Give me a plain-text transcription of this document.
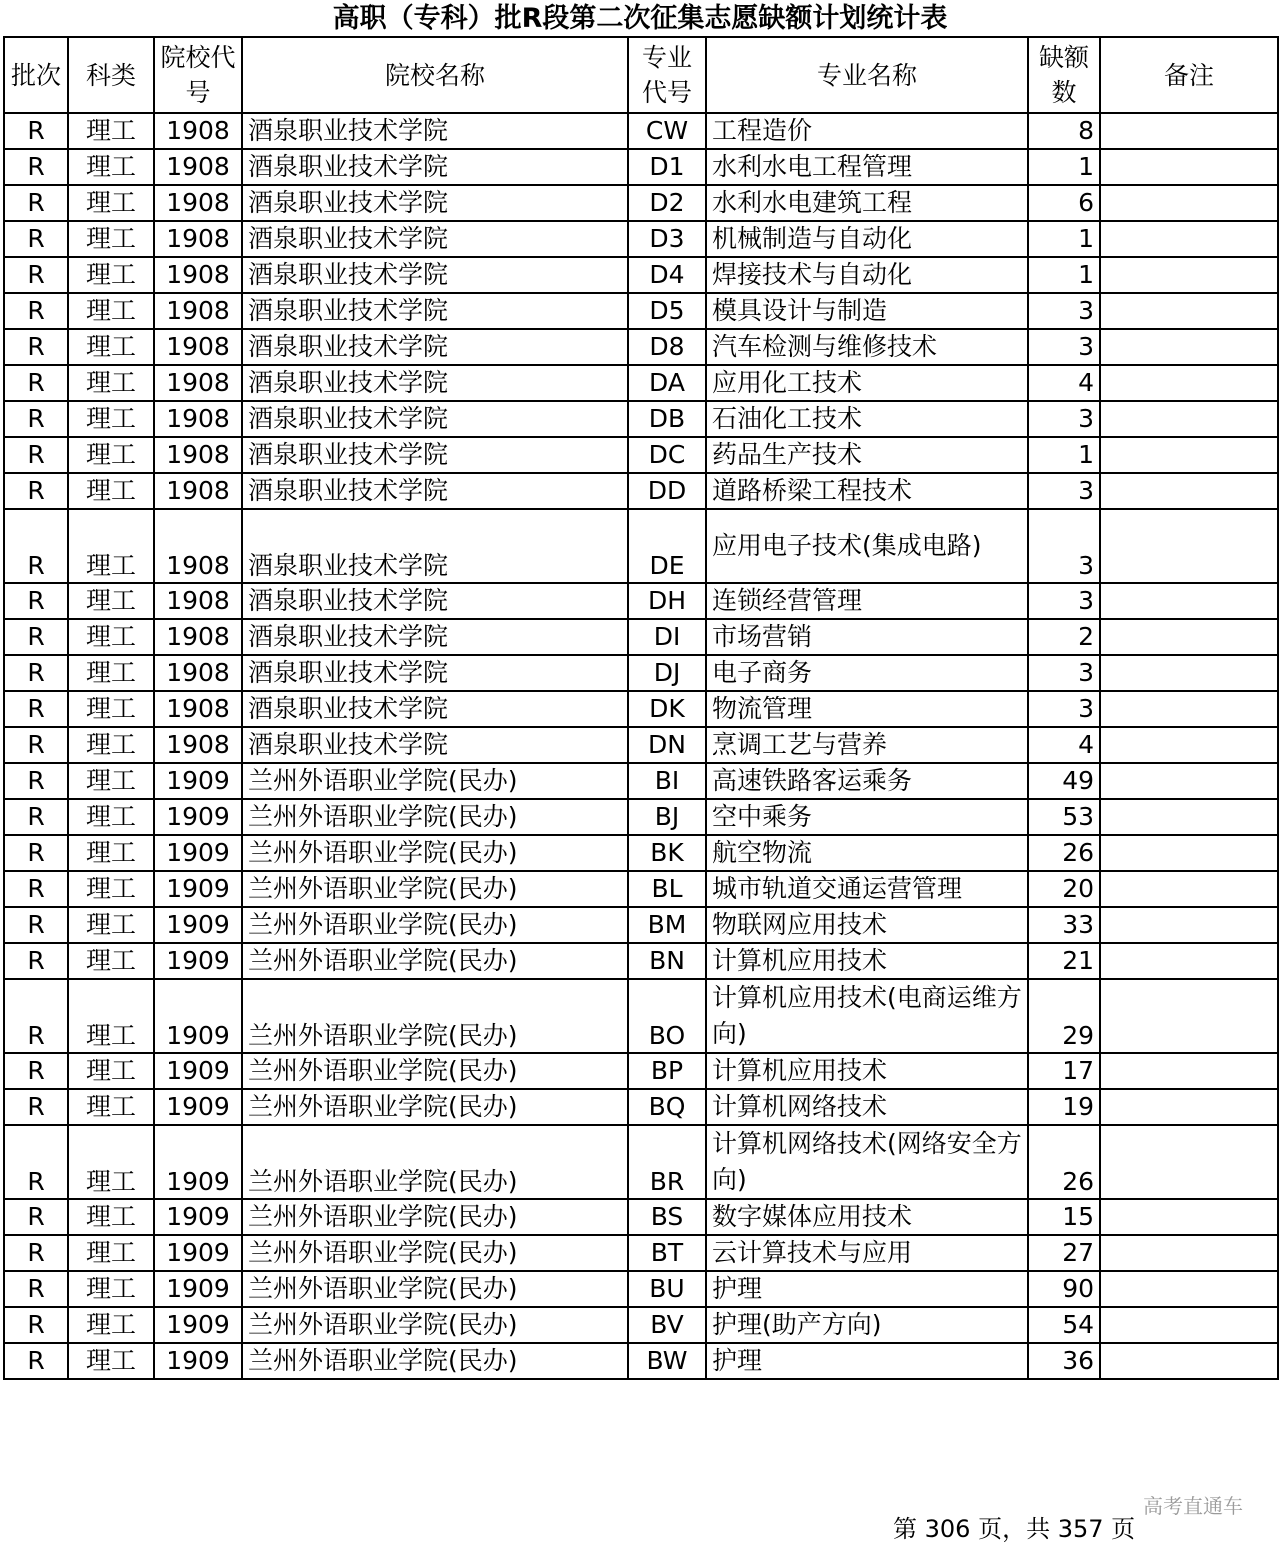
高职（专科）批R段第二次征集志愿缺额计划统计表
批次	科类	院校代号	院校名称	专业代号	专业名称	缺额数	备注
R	理工	1908	酒泉职业技术学院	CW	工程造价	8	
R	理工	1908	酒泉职业技术学院	D1	水利水电工程管理	1	
R	理工	1908	酒泉职业技术学院	D2	水利水电建筑工程	6	
R	理工	1908	酒泉职业技术学院	D3	机械制造与自动化	1	
R	理工	1908	酒泉职业技术学院	D4	焊接技术与自动化	1	
R	理工	1908	酒泉职业技术学院	D5	模具设计与制造	3	
R	理工	1908	酒泉职业技术学院	D8	汽车检测与维修技术	3	
R	理工	1908	酒泉职业技术学院	DA	应用化工技术	4	
R	理工	1908	酒泉职业技术学院	DB	石油化工技术	3	
R	理工	1908	酒泉职业技术学院	DC	药品生产技术	1	
R	理工	1908	酒泉职业技术学院	DD	道路桥梁工程技术	3	
R	理工	1908	酒泉职业技术学院	DE	应用电子技术(集成电路)	3	
R	理工	1908	酒泉职业技术学院	DH	连锁经营管理	3	
R	理工	1908	酒泉职业技术学院	DI	市场营销	2	
R	理工	1908	酒泉职业技术学院	DJ	电子商务	3	
R	理工	1908	酒泉职业技术学院	DK	物流管理	3	
R	理工	1908	酒泉职业技术学院	DN	烹调工艺与营养	4	
R	理工	1909	兰州外语职业学院(民办)	BI	高速铁路客运乘务	49	
R	理工	1909	兰州外语职业学院(民办)	BJ	空中乘务	53	
R	理工	1909	兰州外语职业学院(民办)	BK	航空物流	26	
R	理工	1909	兰州外语职业学院(民办)	BL	城市轨道交通运营管理	20	
R	理工	1909	兰州外语职业学院(民办)	BM	物联网应用技术	33	
R	理工	1909	兰州外语职业学院(民办)	BN	计算机应用技术	21	
R	理工	1909	兰州外语职业学院(民办)	BO	计算机应用技术(电商运维方向)	29	
R	理工	1909	兰州外语职业学院(民办)	BP	计算机应用技术	17	
R	理工	1909	兰州外语职业学院(民办)	BQ	计算机网络技术	19	
R	理工	1909	兰州外语职业学院(民办)	BR	计算机网络技术(网络安全方向)	26	
R	理工	1909	兰州外语职业学院(民办)	BS	数字媒体应用技术	15	
R	理工	1909	兰州外语职业学院(民办)	BT	云计算技术与应用	27	
R	理工	1909	兰州外语职业学院(民办)	BU	护理	90	
R	理工	1909	兰州外语职业学院(民办)	BV	护理(助产方向)	54	
R	理工	1909	兰州外语职业学院(民办)	BW	护理	36	
高考直通车
第 306 页，共 357 页
